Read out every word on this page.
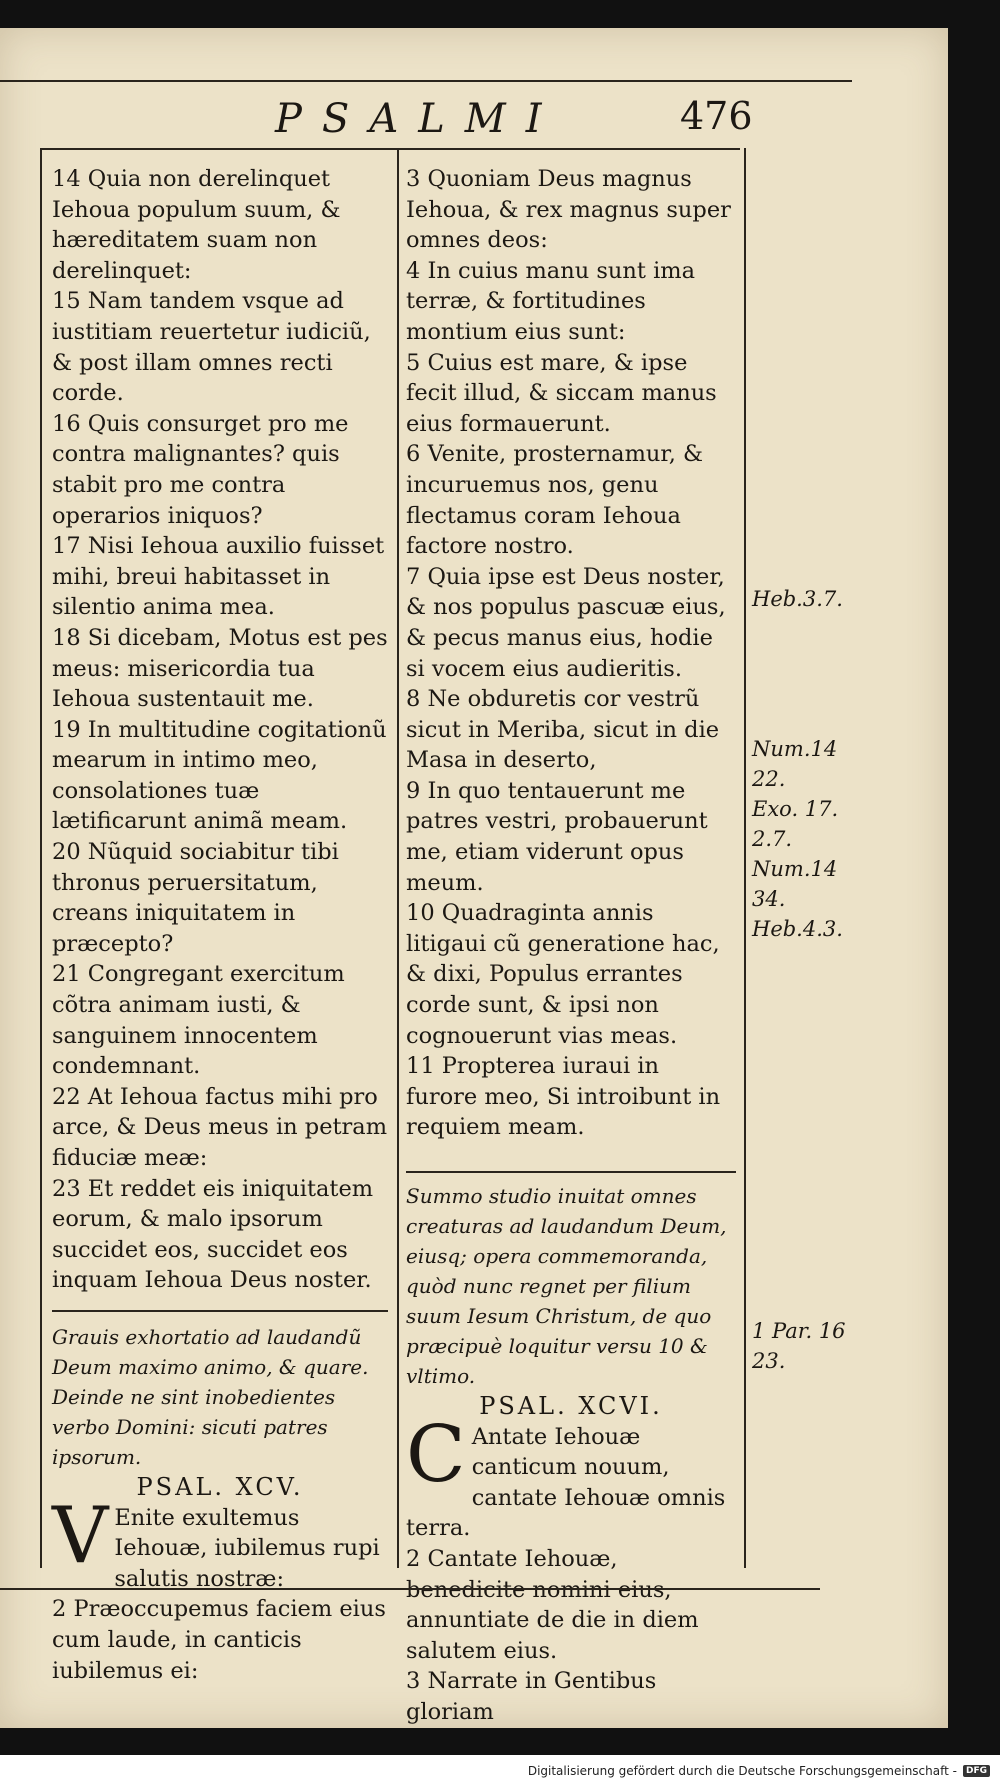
PSALMI	476

14 Quia non derelinquet Iehoua populum suum, & hæreditatem suam non derelinquet:

15 Nam tandem vsque ad iustitiam reuertetur iudiciũ, & post illam omnes recti corde.

16 Quis consurget pro me contra malignantes? quis stabit pro me contra operarios iniquos?

17 Nisi Iehoua auxilio fuisset mihi, breui habitasset in silentio anima mea.

18 Si dicebam, Motus est pes meus: misericordia tua Iehoua sustentauit me.

19 In multitudine cogitationũ mearum in intimo meo, consolationes tuæ lætificarunt animã meam.

20 Nũquid sociabitur tibi thronus peruersitatum, creans iniquitatem in præcepto?

21 Congregant exercitum cõtra animam iusti, & sanguinem innocentem condemnant.

22 At Iehoua factus mihi pro arce, & Deus meus in petram fiduciæ meæ:

23 Et reddet eis iniquitatem eorum, & malo ipsorum succidet eos, succidet eos inquam Iehoua Deus noster.

Grauis exhortatio ad laudandũ Deum maximo animo, & quare. Deinde ne sint inobedientes verbo Domini: sicuti patres ipsorum.

PSAL. XCV.

V Enite exultemus Iehouæ, iubilemus rupi salutis nostræ:

2 Præoccupemus faciem eius cum laude, in canticis iubilemus ei:

3 Quoniam Deus magnus Iehoua, & rex magnus super omnes deos:

4 In cuius manu sunt ima terræ, & fortitudines montium eius sunt:

5 Cuius est mare, & ipse fecit illud, & siccam manus eius formauerunt.

6 Venite, prosternamur, & incuruemus nos, genu flectamus coram Iehoua factore nostro.

7 Quia ipse est Deus noster, & nos populus pascuæ eius, & pecus manus eius, hodie si vocem eius audieritis.

8 Ne obduretis cor vestrũ sicut in Meriba, sicut in die Masa in deserto,

9 In quo tentauerunt me patres vestri, probauerunt me, etiam viderunt opus meum.

10 Quadraginta annis litigaui cũ generatione hac, & dixi, Populus errantes corde sunt, & ipsi non cognouerunt vias meas.

11 Propterea iuraui in furore meo, Si introibunt in requiem meam.

Summo studio inuitat omnes creaturas ad laudandum Deum, eiusq; opera commemoranda, quòd nunc regnet per filium suum Iesum Christum, de quo præcipuè loquitur versu 10 & vltimo.

PSAL. XCVI.

C Antate Iehouæ canticum nouum, cantate Iehouæ omnis terra.

2 Cantate Iehouæ, benedicite nomini eius, annuntiate de die in diem salutem eius.

3 Narrate in Gentibus gloriam

Heb.3.7.
Num.14
22.
Exo. 17.
2.7.
Num.14
34.
Heb.4.3.
1 Par. 16
23.
Digitalisierung gefördert durch die Deutsche Forschungsgemeinschaft -	DFG
